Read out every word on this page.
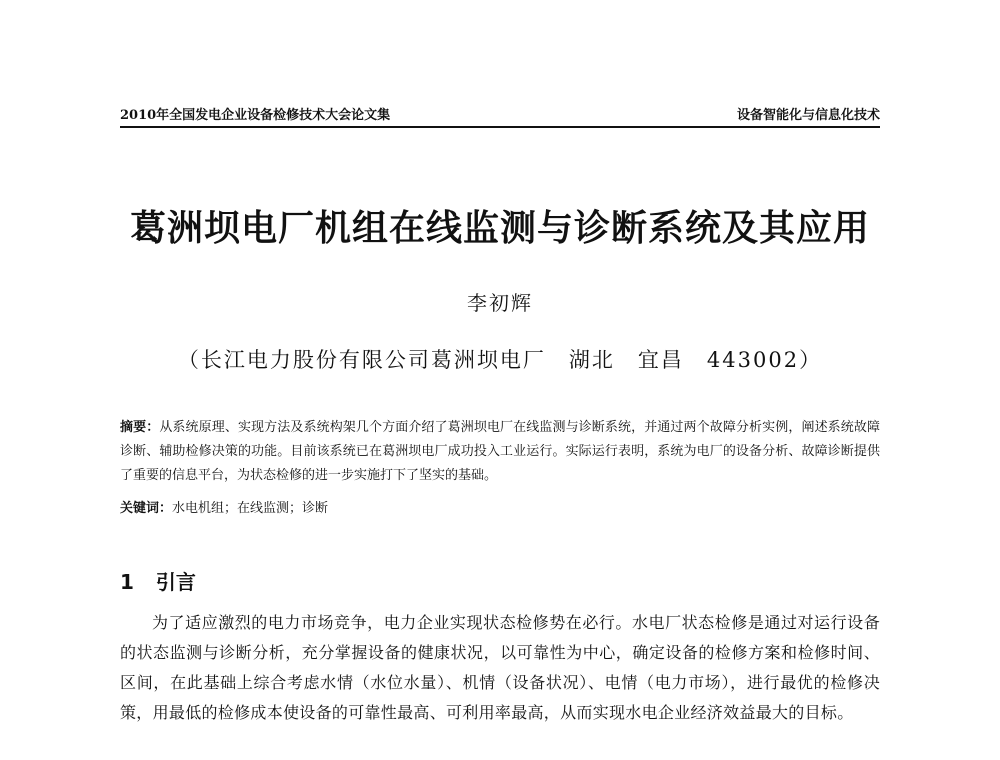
2010年全国发电企业设备检修技术大会论文集	设备智能化与信息化技术
葛洲坝电厂机组在线监测与诊断系统及其应用
李初辉
（长江电力股份有限公司葛洲坝电厂　湖北　宜昌　443002）
摘要：从系统原理、实现方法及系统构架几个方面介绍了葛洲坝电厂在线监测与诊断系统，并通过两个故障分析实例，阐述系统故障诊断、辅助检修决策的功能。目前该系统已在葛洲坝电厂成功投入工业运行。实际运行表明，系统为电厂的设备分析、故障诊断提供了重要的信息平台，为状态检修的进一步实施打下了坚实的基础。
关键词：水电机组；在线监测；诊断
1 引言
为了适应激烈的电力市场竞争，电力企业实现状态检修势在必行。水电厂状态检修是通过对运行设备的状态监测与诊断分析，充分掌握设备的健康状况，以可靠性为中心，确定设备的检修方案和检修时间、区间，在此基础上综合考虑水情（水位水量）、机情（设备状况）、电情（电力市场），进行最优的检修决策，用最低的检修成本使设备的可靠性最高、可利用率最高，从而实现水电企业经济效益最大的目标。
